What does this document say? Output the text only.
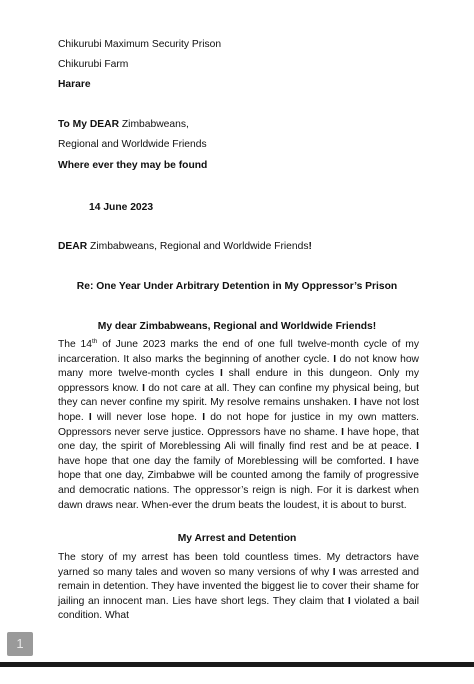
Chikurubi Maximum Security Prison
Chikurubi Farm
Harare
To My DEAR Zimbabweans,
Regional and Worldwide Friends
Where ever they may be found
14 June 2023
DEAR Zimbabweans, Regional and Worldwide Friends!
Re: One Year Under Arbitrary Detention in My Oppressor’s Prison
My dear Zimbabweans, Regional and Worldwide Friends!
The 14th of June 2023 marks the end of one full twelve-month cycle of my incarceration. It also marks the beginning of another cycle. I do not know how many more twelve-month cycles I shall endure in this dungeon. Only my oppressors know. I do not care at all. They can confine my physical being, but they can never confine my spirit. My resolve remains unshaken. I have not lost hope. I will never lose hope. I do not hope for justice in my own matters. Oppressors never serve justice. Oppressors have no shame. I have hope, that one day, the spirit of Moreblessing Ali will finally find rest and be at peace. I have hope that one day the family of Moreblessing will be comforted. I have hope that one day, Zimbabwe will be counted among the family of progressive and democratic nations. The oppressor’s reign is nigh. For it is darkest when dawn draws near. When-ever the drum beats the loudest, it is about to burst.
My Arrest and Detention
The story of my arrest has been told countless times. My detractors have yarned so many tales and woven so many versions of why I was arrested and remain in detention. They have invented the biggest lie to cover their shame for jailing an innocent man. Lies have short legs. They claim that I violated a bail condition. What
1
